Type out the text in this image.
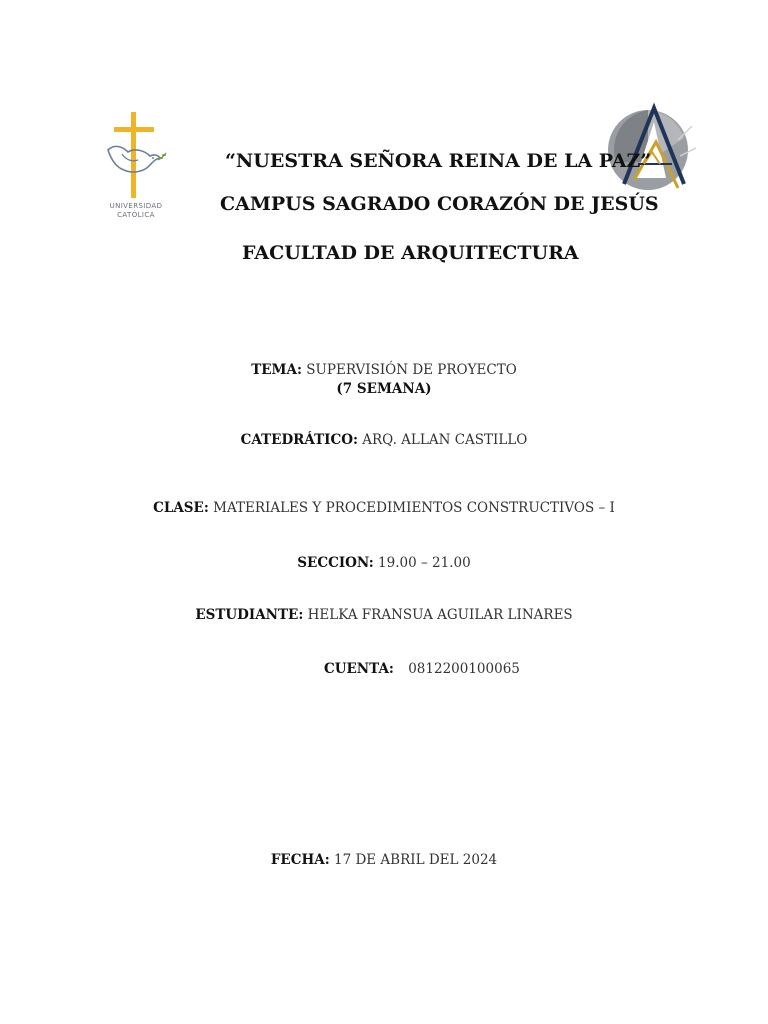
UNIVERSIDAD
CATÓLICA
“NUESTRA SEÑORA REINA DE LA PAZ”
CAMPUS SAGRADO CORAZÓN DE JESÚS
FACULTAD DE ARQUITECTURA
TEMA: SUPERVISIÓN DE PROYECTO
(7 SEMANA)
CATEDRÁTICO: ARQ. ALLAN CASTILLO
CLASE: MATERIALES Y PROCEDIMIENTOS CONSTRUCTIVOS – I
SECCION: 19.00 – 21.00
ESTUDIANTE: HELKA FRANSUA AGUILAR LINARES
CUENTA: 0812200100065
FECHA: 17 DE ABRIL DEL 2024
